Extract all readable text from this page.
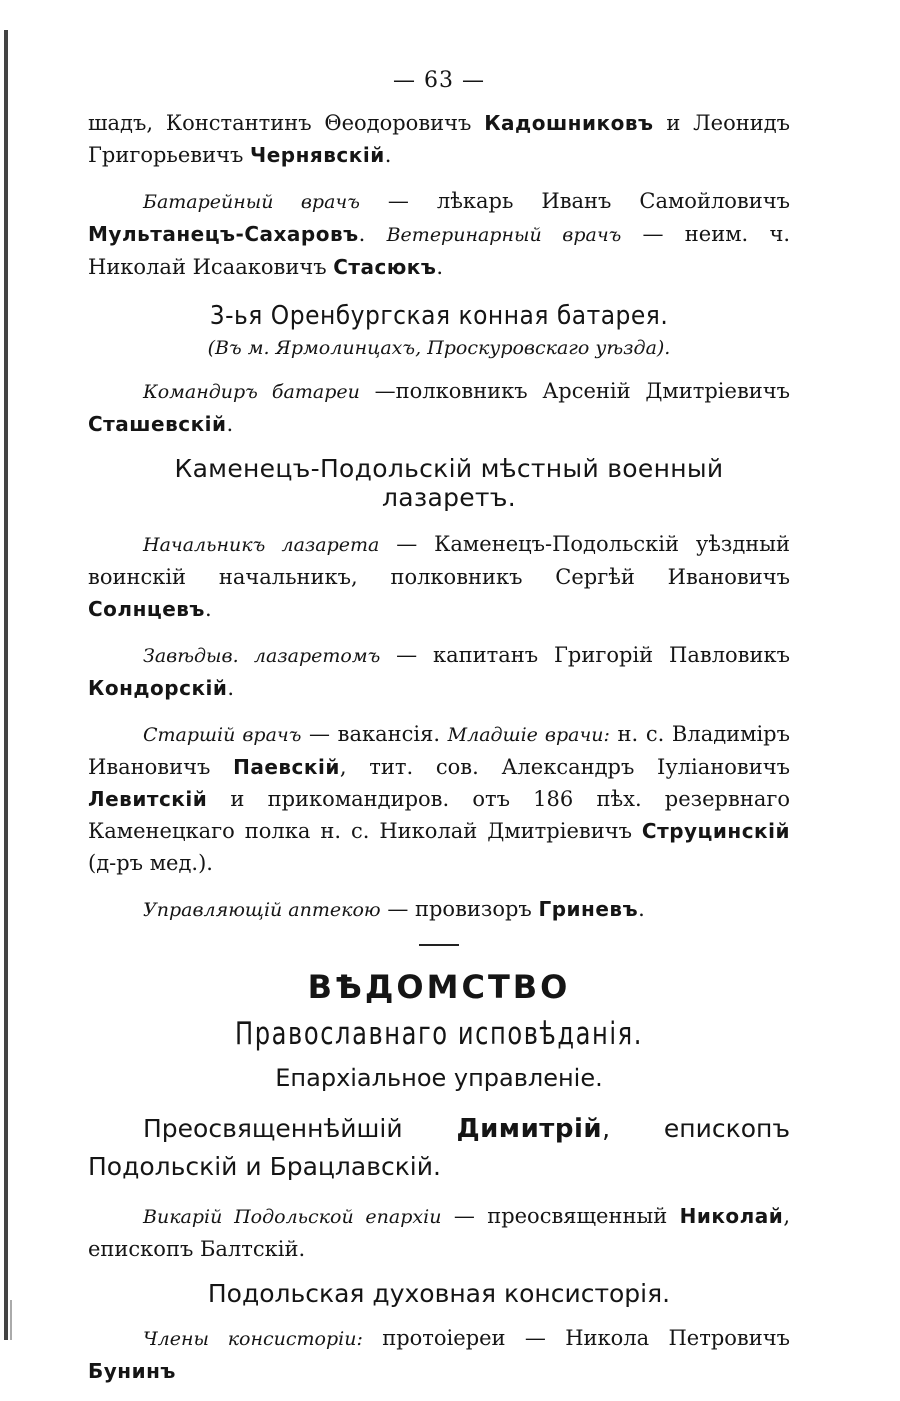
— 63 —

шадъ, Константинъ Θеодоровичъ Кадошниковъ и Леонидъ Григорьевичъ Чернявскій.

Батарейный врачъ — лѣкарь Иванъ Самойловичъ Мультанецъ-Сахаровъ. Ветеринарный врачъ — неим. ч. Николай Исааковичъ Стасюкъ.

3-ья Оренбургская конная батарея.
(Въ м. Ярмолинцахъ, Проскуровскаго уѣзда).

Командиръ батареи —полковникъ Арсеній Дмитріевичъ Сташевскій.

Каменецъ-Подольскій мѣстный военный лазаретъ.

Начальникъ лазарета — Каменецъ-Подольскій уѣздный воинскій начальникъ, полковникъ Сергѣй Ивановичъ Солнцевъ.

Завѣдыв. лазаретомъ — капитанъ Григорій Павловикъ Кондорскій.

Старшій врачъ — вакансія. Младшіе врачи: н. с. Владиміръ Ивановичъ Паевскій, тит. сов. Александръ Іуліановичъ Левитскій и прикомандиров. отъ 186 пѣх. резервнаго Каменецкаго полка н. с. Николай Дмитріевичъ Струцинскій (д-ръ мед.).

Управляющій аптекою — провизоръ Гриневъ.

ВѢДОМСТВО
Православнаго исповѣданія.
Епархіальное управленіе.

Преосвященнѣйшій Димитрій, епископъ Подольскій и Брацлавскій.

Викарій Подольской епархіи — преосвященный Николай, епископъ Балтскій.

Подольская духовная консисторія.

Члены консисторіи: протоіереи — Никола Петровичъ Бунинъ
